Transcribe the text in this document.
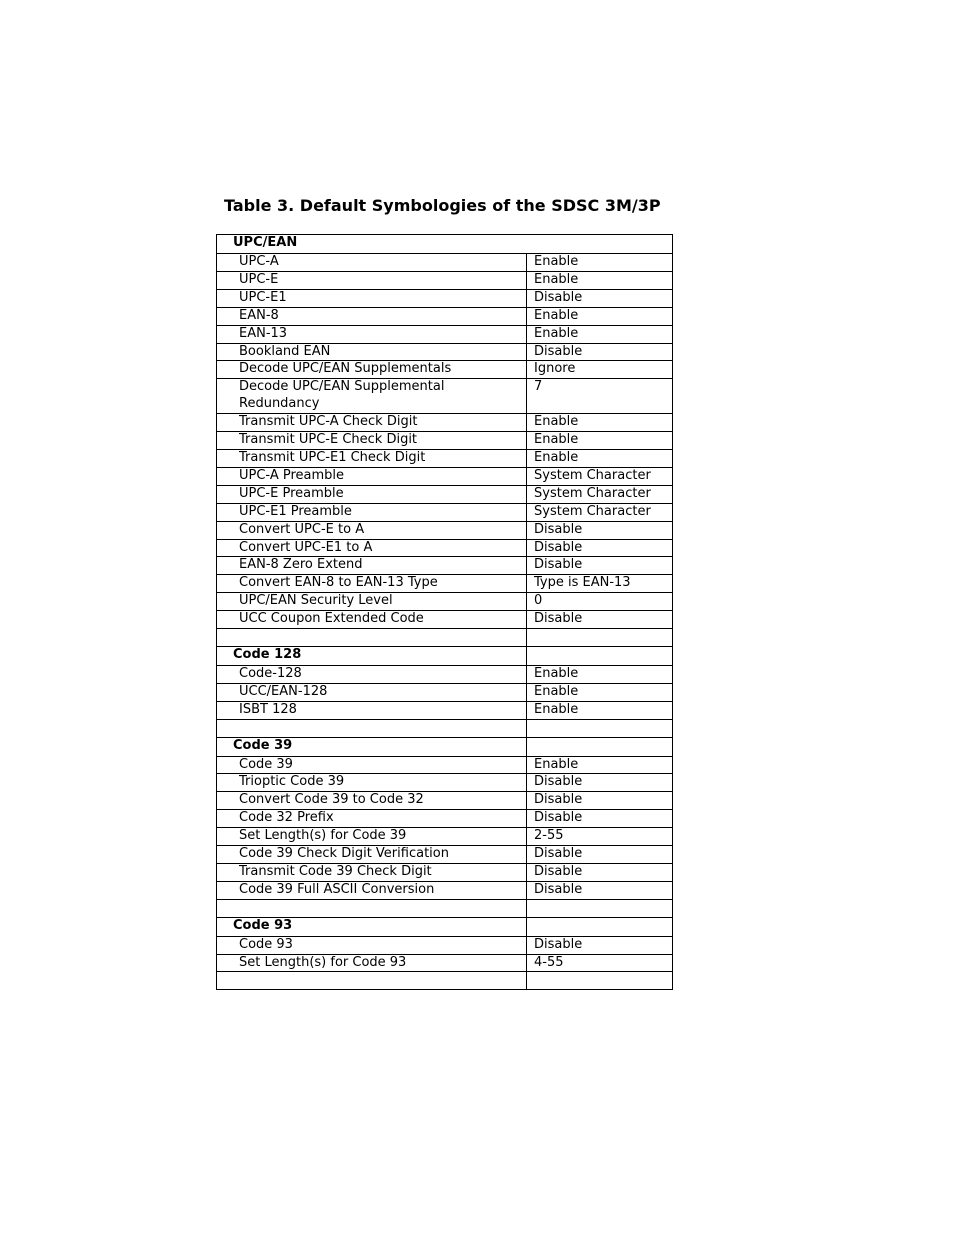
Table 3. Default Symbologies of the SDSC 3M/3P
UPC/EAN	
UPC-A	Enable
UPC-E	Enable
UPC-E1	Disable
EAN-8	Enable
EAN-13	Enable
Bookland EAN	Disable
Decode UPC/EAN Supplementals	Ignore
Decode UPC/EAN Supplemental Redundancy	7
Transmit UPC-A Check Digit	Enable
Transmit UPC-E Check Digit	Enable
Transmit UPC-E1 Check Digit	Enable
UPC-A Preamble	System Character
UPC-E Preamble	System Character
UPC-E1 Preamble	System Character
Convert UPC-E to A	Disable
Convert UPC-E1 to A	Disable
EAN-8 Zero Extend	Disable
Convert EAN-8 to EAN-13 Type	Type is EAN-13
UPC/EAN Security Level	0
UCC Coupon Extended Code	Disable

Code 128	
Code-128	Enable
UCC/EAN-128	Enable
ISBT 128	Enable

Code 39	
Code 39	Enable
Trioptic Code 39	Disable
Convert Code 39 to Code 32	Disable
Code 32 Prefix	Disable
Set Length(s) for Code 39	2-55
Code 39 Check Digit Verification	Disable
Transmit Code 39 Check Digit	Disable
Code 39 Full ASCII Conversion	Disable

Code 93	
Code 93	Disable
Set Length(s) for Code 93	4-55
